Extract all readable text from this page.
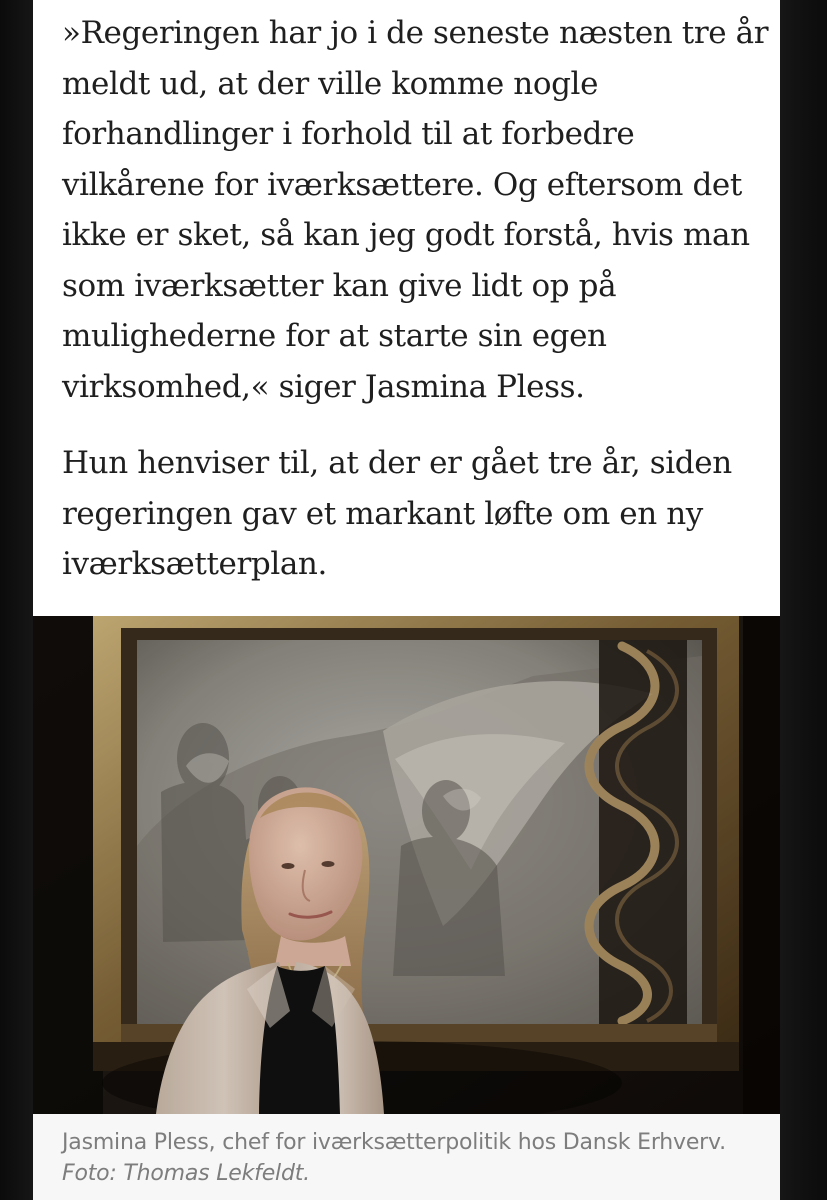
»Regeringen har jo i de seneste næsten tre år
meldt ud, at der ville komme nogle
forhandlinger i forhold til at forbedre
vilkårene for iværksættere. Og eftersom det
ikke er sket, så kan jeg godt forstå, hvis man
som iværksætter kan give lidt op på
mulighederne for at starte sin egen
virksomhed,« siger Jasmina Pless.

Hun henviser til, at der er gået tre år, siden
regeringen gav et markant løfte om en ny
iværksætterplan.

Jasmina Pless, chef for iværksætterpolitik hos Dansk Erhverv.
Foto: Thomas Lekfeldt.
